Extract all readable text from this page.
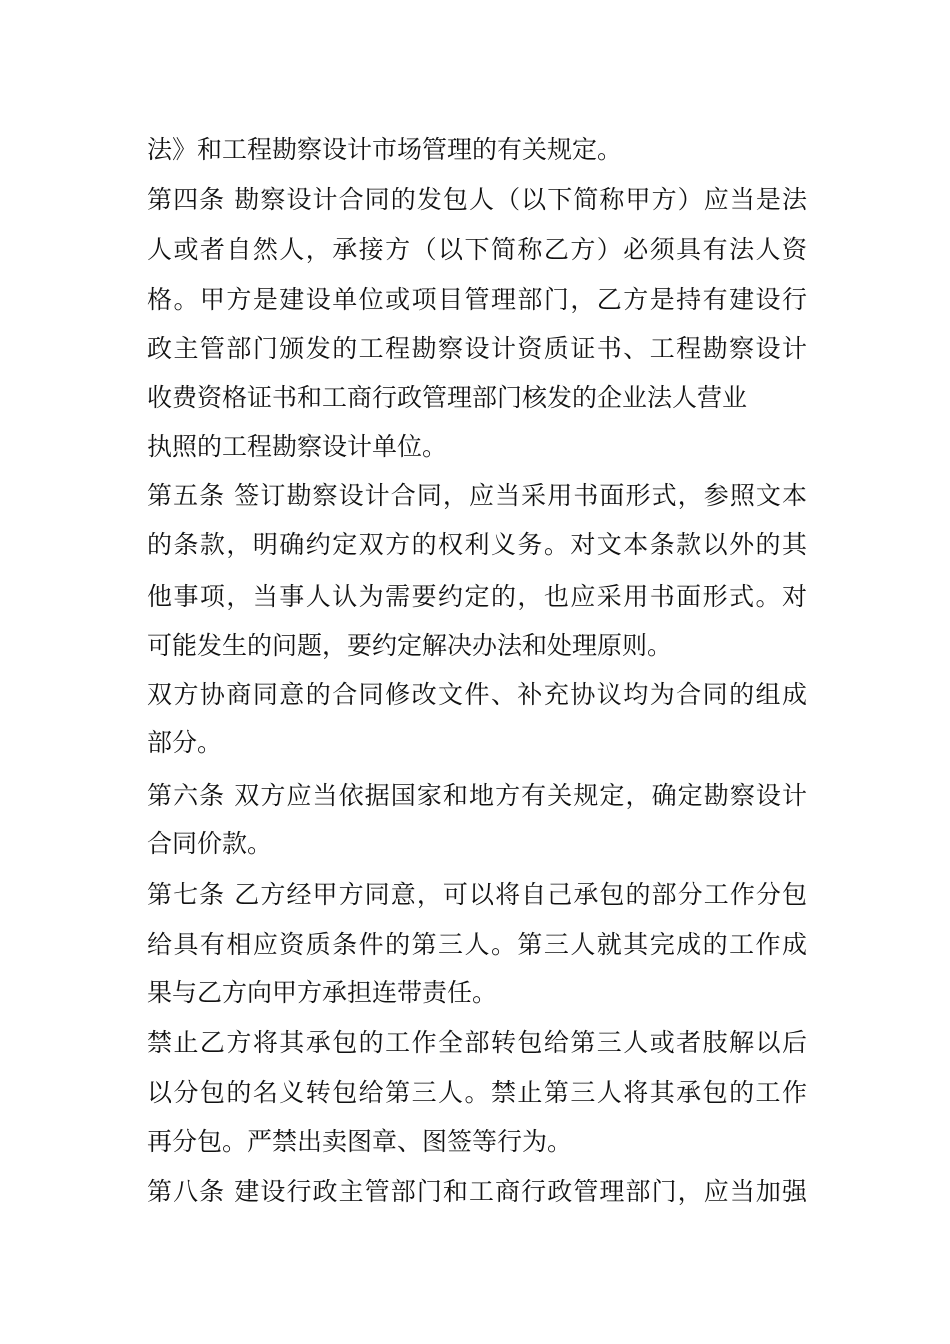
法》和工程勘察设计市场管理的有关规定。
第四条 勘察设计合同的发包人（以下简称甲方）应当是法
人或者自然人，承接方（以下简称乙方）必须具有法人资
格。甲方是建设单位或项目管理部门，乙方是持有建设行
政主管部门颁发的工程勘察设计资质证书、工程勘察设计
收费资格证书和工商行政管理部门核发的企业法人营业
执照的工程勘察设计单位。
第五条 签订勘察设计合同，应当采用书面形式，参照文本
的条款，明确约定双方的权利义务。对文本条款以外的其
他事项，当事人认为需要约定的，也应采用书面形式。对
可能发生的问题，要约定解决办法和处理原则。
双方协商同意的合同修改文件、补充协议均为合同的组成
部分。
第六条 双方应当依据国家和地方有关规定，确定勘察设计
合同价款。
第七条 乙方经甲方同意，可以将自己承包的部分工作分包
给具有相应资质条件的第三人。第三人就其完成的工作成
果与乙方向甲方承担连带责任。
禁止乙方将其承包的工作全部转包给第三人或者肢解以后
以分包的名义转包给第三人。禁止第三人将其承包的工作
再分包。严禁出卖图章、图签等行为。
第八条 建设行政主管部门和工商行政管理部门，应当加强
